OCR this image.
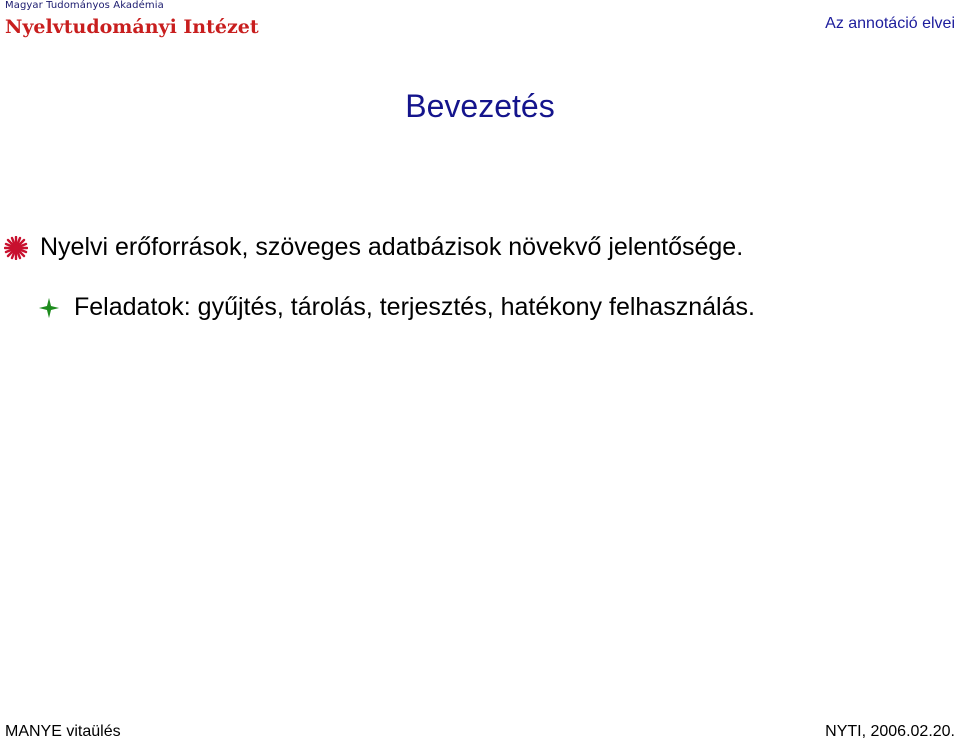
Magyar Tudományos Akadémia
Nyelvtudományi Intézet	Az annotáció elvei
Bevezetés
Nyelvi erőforrások, szöveges adatbázisok növekvő jelentősége.
Feladatok: gyűjtés, tárolás, terjesztés, hatékony felhasználás.
MANYE vitaülés	NYTI, 2006.02.20.
